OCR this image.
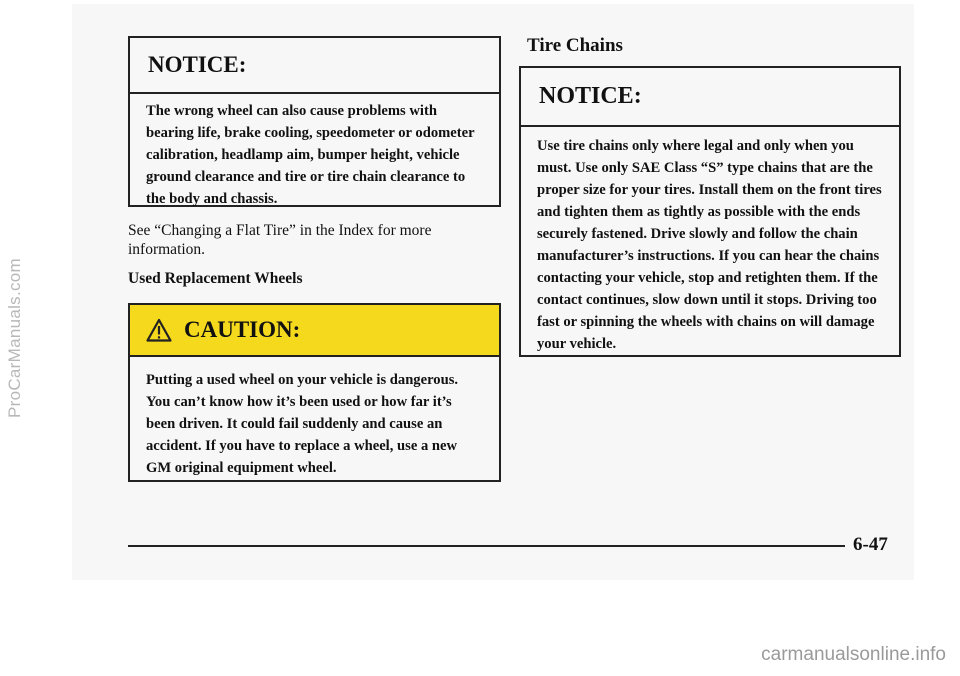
ProCarManuals.com
NOTICE:
The wrong wheel can also cause problems with bearing life, brake cooling, speedometer or odometer calibration, headlamp aim, bumper height, vehicle ground clearance and tire or tire chain clearance to the body and chassis.
See “Changing a Flat Tire” in the Index for more information.
Used Replacement Wheels
CAUTION:
Putting a used wheel on your vehicle is dangerous. You can’t know how it’s been used or how far it’s been driven. It could fail suddenly and cause an accident. If you have to replace a wheel, use a new GM original equipment wheel.
Tire Chains
NOTICE:
Use tire chains only where legal and only when you must. Use only SAE Class “S” type chains that are the proper size for your tires. Install them on the front tires and tighten them as tightly as possible with the ends securely fastened. Drive slowly and follow the chain manufacturer’s instructions. If you can hear the chains contacting your vehicle, stop and retighten them. If the contact continues, slow down until it stops. Driving too fast or spinning the wheels with chains on will damage your vehicle.
6-47
carmanualsonline.info
